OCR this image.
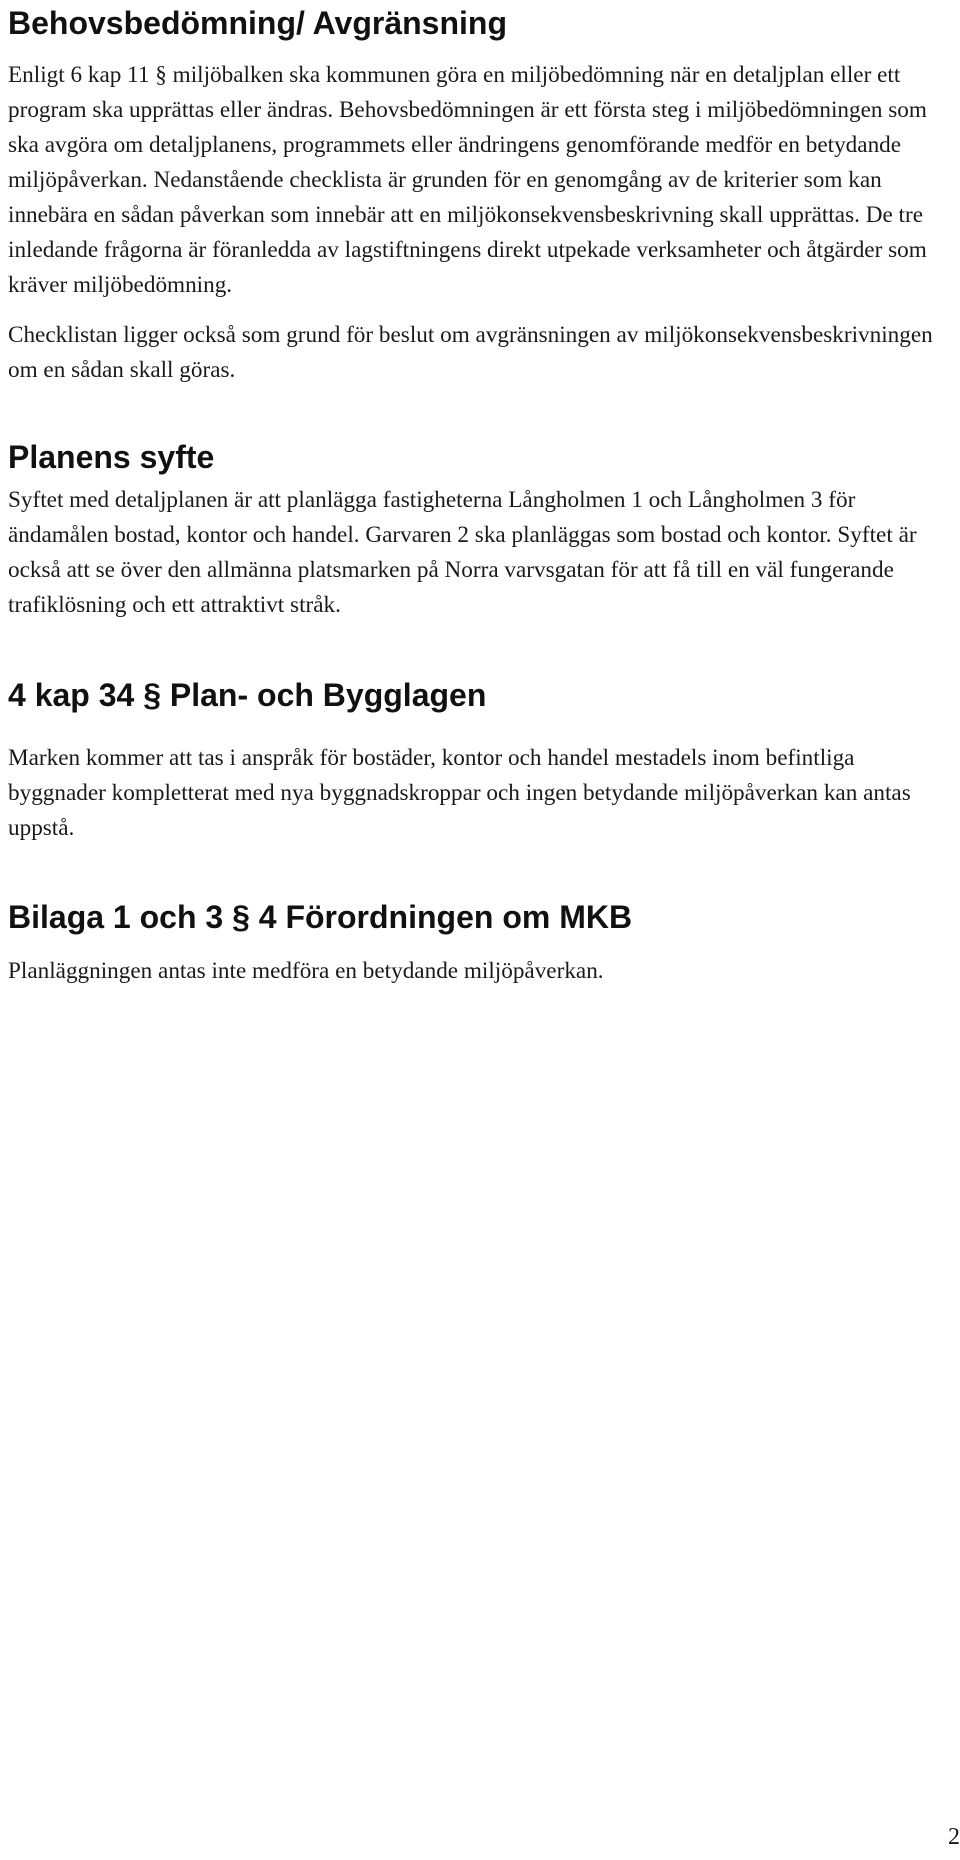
Behovsbedömning/ Avgränsning

Enligt 6 kap 11 § miljöbalken ska kommunen göra en miljöbedömning när en detaljplan eller ett program ska upprättas eller ändras. Behovsbedömningen är ett första steg i miljöbedömningen som ska avgöra om detaljplanens, programmets eller ändringens genomförande medför en betydande miljöpåverkan. Nedanstående checklista är grunden för en genomgång av de kriterier som kan innebära en sådan påverkan som innebär att en miljökonsekvensbeskrivning skall upprättas. De tre inledande frågorna är föranledda av lagstiftningens direkt utpekade verksamheter och åtgärder som kräver miljöbedömning.

Checklistan ligger också som grund för beslut om avgränsningen av miljökonsekvensbeskrivningen om en sådan skall göras.

Planens syfte

Syftet med detaljplanen är att planlägga fastigheterna Långholmen 1 och Långholmen 3 för ändamålen bostad, kontor och handel. Garvaren 2 ska planläggas som bostad och kontor. Syftet är också att se över den allmänna platsmarken på Norra varvsgatan för att få till en väl fungerande trafiklösning och ett attraktivt stråk.

4 kap 34 § Plan- och Bygglagen

Marken kommer att tas i anspråk för bostäder, kontor och handel mestadels inom befintliga byggnader kompletterat med nya byggnadskroppar och ingen betydande miljöpåverkan kan antas uppstå.

Bilaga 1 och 3 § 4 Förordningen om MKB

Planläggningen antas inte medföra en betydande miljöpåverkan.

2
